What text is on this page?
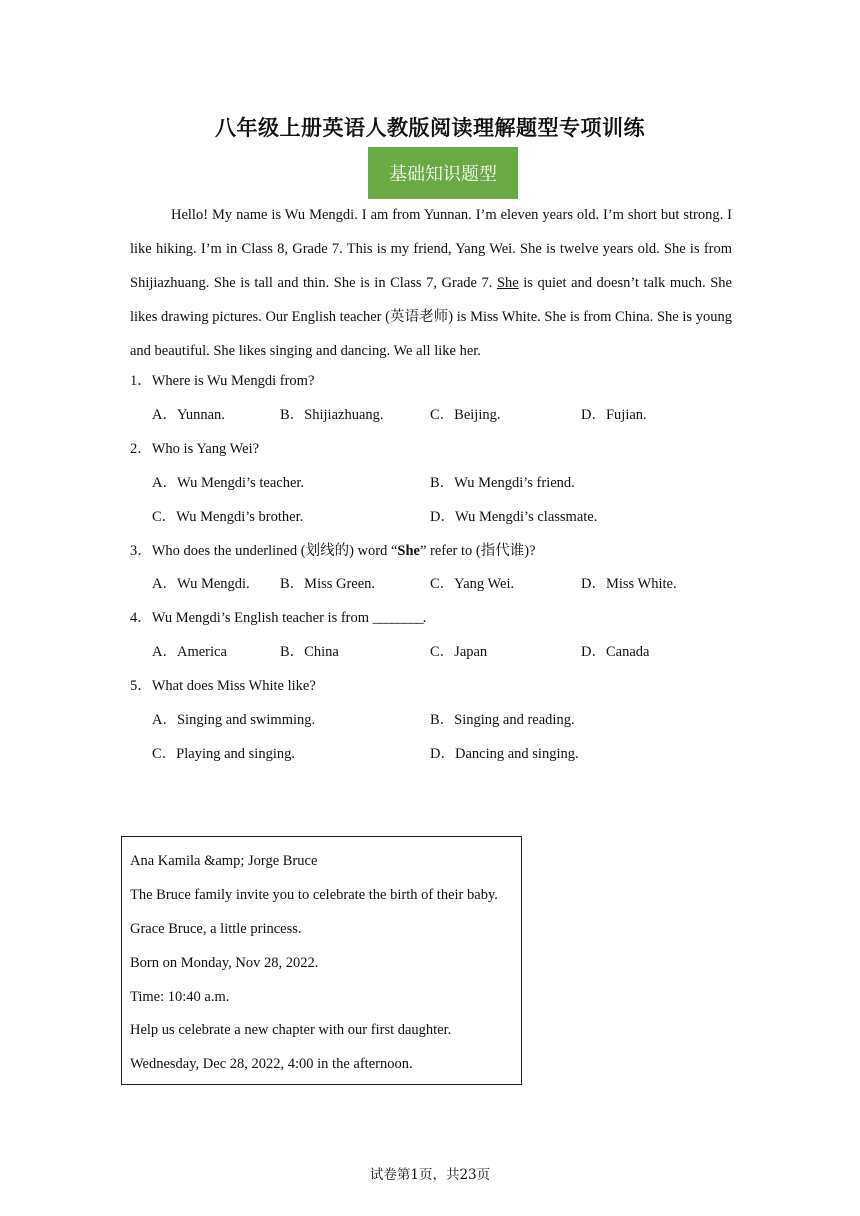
八年级上册英语人教版阅读理解题型专项训练
基础知识题型

Hello! My name is Wu Mengdi. I am from Yunnan. I’m eleven years old. I’m short but strong. I like hiking. I’m in Class 8, Grade 7. This is my friend, Yang Wei. She is twelve years old. She is from Shijiazhuang. She is tall and thin. She is in Class 7, Grade 7. She is quiet and doesn’t talk much. She likes drawing pictures. Our English teacher (英语老师) is Miss White. She is from China. She is young and beautiful. She likes singing and dancing. We all like her.

1．Where is Wu Mengdi from?
A．Yunnan.	B．Shijiazhuang.	C．Beijing.	D．Fujian.
2．Who is Yang Wei?
A．Wu Mengdi’s teacher.	B．Wu Mengdi’s friend.
C．Wu Mengdi’s brother.	D．Wu Mengdi’s classmate.
3．Who does the underlined (划线的) word “She” refer to (指代谁)?
A．Wu Mengdi. B．Miss Green.	C．Yang Wei.	D．Miss White.
4．Wu Mengdi’s English teacher is from ________.
A．America	B．China	C．Japan	D．Canada
5．What does Miss White like?
A．Singing and swimming.	B．Singing and reading.
C．Playing and singing.	D．Dancing and singing.
Ana Kamila &amp; Jorge Bruce
The Bruce family invite you to celebrate the birth of their baby.
Grace Bruce, a little princess.
Born on Monday, Nov 28, 2022.
Time: 10:40 a.m.
Help us celebrate a new chapter with our first daughter.
Wednesday, Dec 28, 2022, 4:00 in the afternoon.
试卷第1页，共23页
